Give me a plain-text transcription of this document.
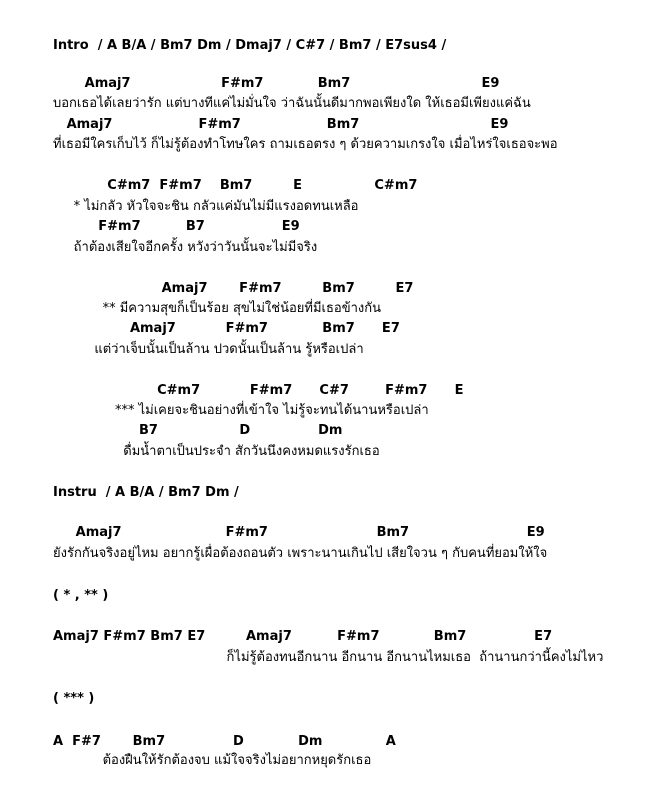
Intro  / A B/A / Bm7 Dm / Dmaj7 / C#7 / Bm7 / E7sus4 /
Amaj7                    F#m7            Bm7                             E9
บอกเธอได้เลยว่ารัก แต่บางทีแค่ไม่มั่นใจ ว่าฉันนั้นดีมากพอเพียงใด ให้เธอมีเพียงแค่ฉัน
Amaj7                   F#m7                   Bm7                             E9
ที่เธอมีใครเก็บไว้ ก็ไม่รู้ต้องทำโทษใคร ถามเธอตรง ๆ ด้วยความเกรงใจ เมื่อไหร่ใจเธอจะพอ
C#m7  F#m7    Bm7         E                C#m7
* ไม่กลัว หัวใจจะชิน กลัวแค่มันไม่มีแรงอดทนเหลือ
F#m7          B7                 E9
ถ้าต้องเสียใจอีกครั้ง หวังว่าวันนั้นจะไม่มีจริง
Amaj7       F#m7         Bm7         E7
** มีความสุขก็เป็นร้อย สุขไม่ใช่น้อยที่มีเธอข้างกัน
Amaj7           F#m7            Bm7      E7
แต่ว่าเจ็บนั้นเป็นล้าน ปวดนั้นเป็นล้าน รู้หรือเปล่า
C#m7           F#m7      C#7        F#m7      E
*** ไม่เคยจะชินอย่างที่เข้าใจ ไม่รู้จะทนได้นานหรือเปล่า
B7                  D               Dm
ดื่มน้ำตาเป็นประจำ สักวันนึงคงหมดแรงรักเธอ
Instru  / A B/A / Bm7 Dm /
Amaj7                       F#m7                        Bm7                          E9
ยังรักกันจริงอยู่ไหม อยากรู้เผื่อต้องถอนตัว เพราะนานเกินไป เสียใจวน ๆ กับคนที่ยอมให้ใจ
( * , ** )
Amaj7 F#m7 Bm7 E7         Amaj7          F#m7            Bm7               E7
ก็ไม่รู้ต้องทนอีกนาน อีกนาน อีกนานไหมเธอ  ถ้านานกว่านี้คงไม่ไหว
( *** )
A  F#7       Bm7               D            Dm              A
ต้องฝืนให้รักต้องจบ แม้ใจจริงไม่อยากหยุดรักเธอ
